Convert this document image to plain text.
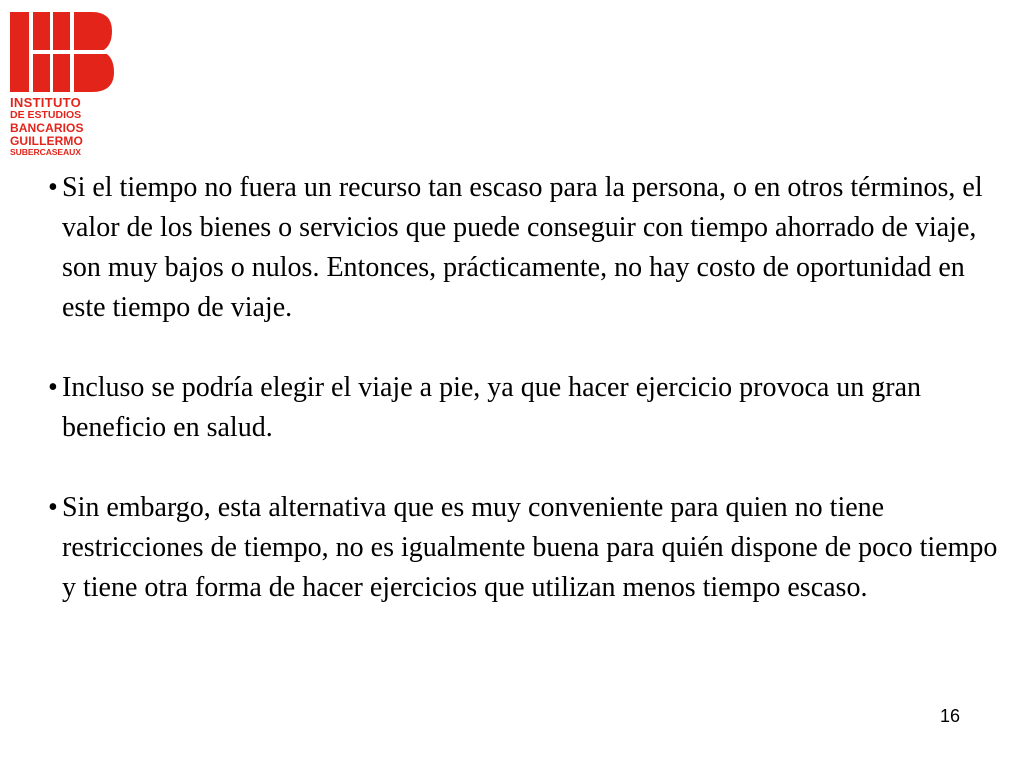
INSTITUTO
DE ESTUDIOS
BANCARIOS
GUILLERMO
SUBERCASEAUX
• Si el tiempo no fuera un recurso tan escaso para la persona, o en otros términos, el valor de los bienes o servicios que puede conseguir con tiempo ahorrado de viaje, son muy bajos o nulos. Entonces, prácticamente, no hay costo de oportunidad en este tiempo de viaje.
• Incluso se podría elegir el viaje a pie, ya que hacer ejercicio provoca un gran beneficio en salud.
• Sin embargo, esta alternativa que es muy conveniente para quien no tiene restricciones de tiempo, no es igualmente buena para quién dispone de poco tiempo y tiene otra forma de hacer ejercicios que utilizan menos tiempo escaso.
16
